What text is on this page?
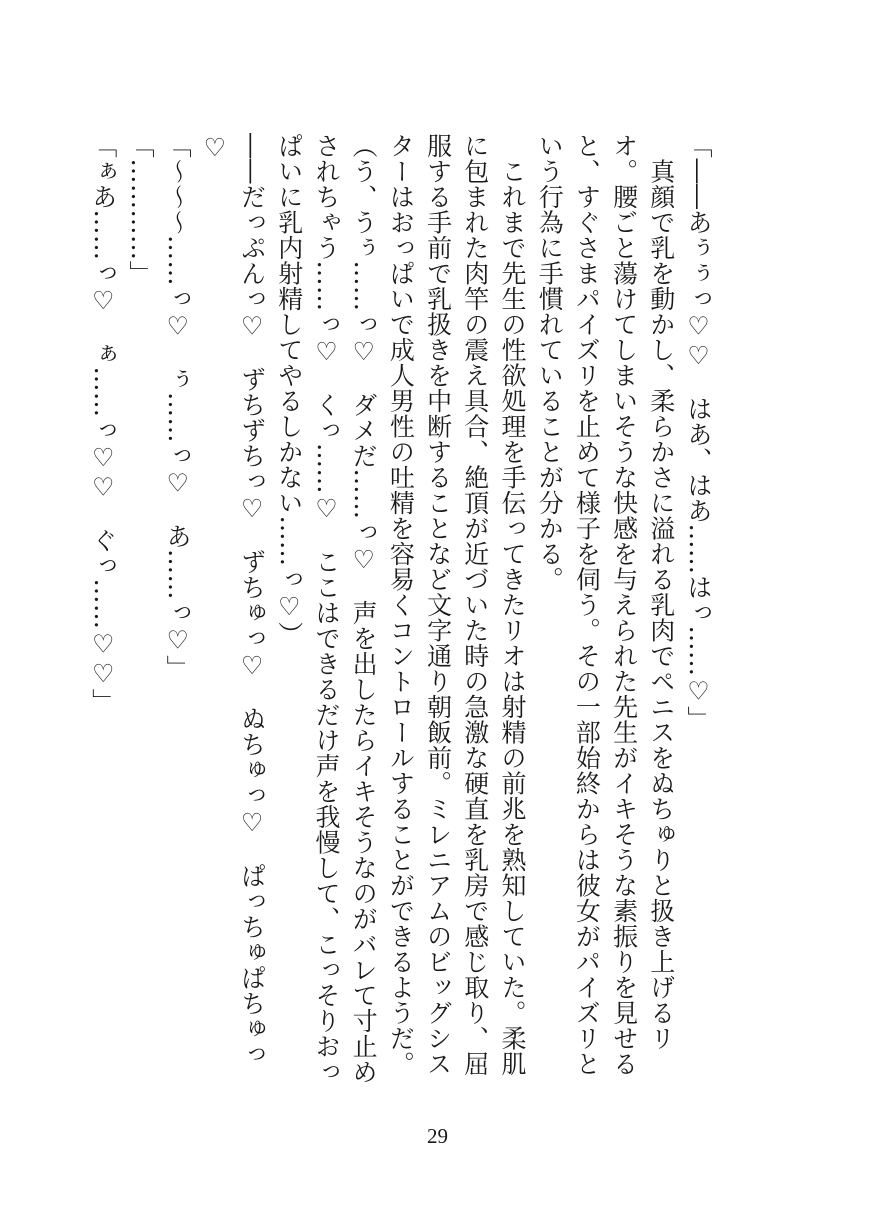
「――あぅぅっ♡♡　はあ、はあ……はっ……♡」

　真顔で乳を動かし、柔らかさに溢れる乳肉でペニスをぬちゅりと扱き上げるリオ。腰ごと蕩けてしまいそうな快感を与えられた先生がイキそうな素振りを見せると、すぐさまパイズリを止めて様子を伺う。その一部始終からは彼女がパイズリという行為に手慣れていることが分かる。

　これまで先生の性欲処理を手伝ってきたリオは射精の前兆を熟知していた。柔肌に包まれた肉竿の震え具合、絶頂が近づいた時の急激な硬直を乳房で感じ取り、屈服する手前で乳扱きを中断することなど文字通り朝飯前。ミレニアムのビッグシスターはおっぱいで成人男性の吐精を容易くコントロールすることができるようだ。

（う、うぅ……っ♡　ダメだ……っ♡　声を出したらイキそうなのがバレて寸止めされちゃう……っ♡　くっ……♡　ここはできるだけ声を我慢して、こっそりおっぱいに乳内射精してやるしかない……っ♡）

――だっぷんっ♡　ずちずちっ♡　ずちゅっ♡　ぬちゅっ♡　ぱっちゅぱちゅっ♡

「～～～……っ♡　ぅ……っ♡　あ……っ♡」

「…………」

「ぁあ……っ♡　ぁ……っ♡♡　ぐっ……♡♡」

29
